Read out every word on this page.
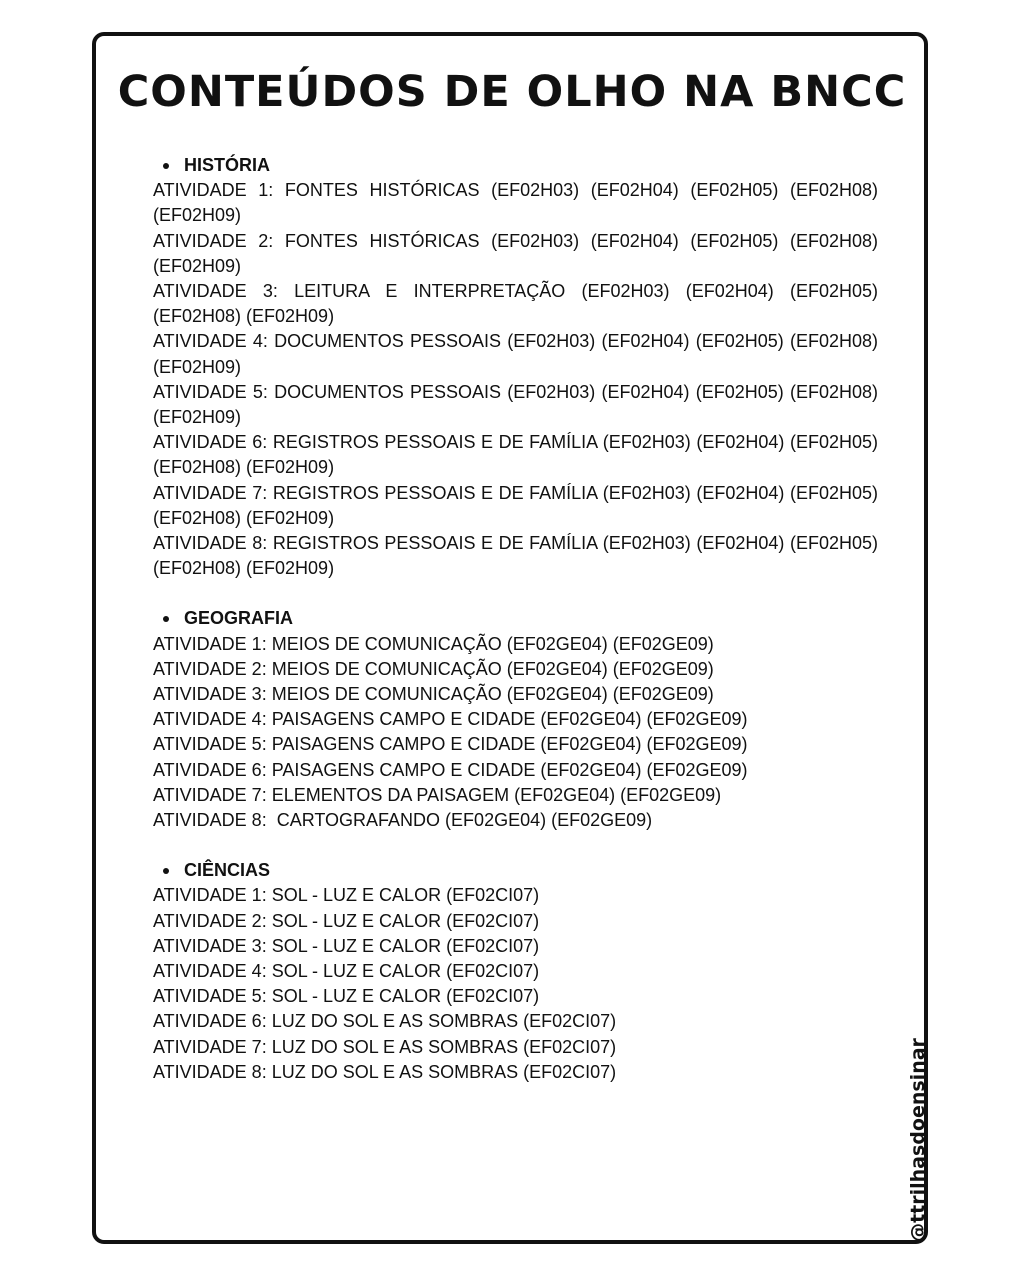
CONTEÚDOS DE OLHO NA BNCC
HISTÓRIA

ATIVIDADE 1: FONTES HISTÓRICAS (EF02H03) (EF02H04) (EF02H05) (EF02H08) (EF02H09)

ATIVIDADE 2: FONTES HISTÓRICAS (EF02H03) (EF02H04) (EF02H05) (EF02H08) (EF02H09)

ATIVIDADE 3: LEITURA E INTERPRETAÇÃO (EF02H03) (EF02H04) (EF02H05) (EF02H08) (EF02H09)

ATIVIDADE 4: DOCUMENTOS PESSOAIS (EF02H03) (EF02H04) (EF02H05) (EF02H08) (EF02H09)

ATIVIDADE 5: DOCUMENTOS PESSOAIS (EF02H03) (EF02H04) (EF02H05) (EF02H08) (EF02H09)

ATIVIDADE 6: REGISTROS PESSOAIS E DE FAMÍLIA (EF02H03) (EF02H04) (EF02H05) (EF02H08) (EF02H09)

ATIVIDADE 7: REGISTROS PESSOAIS E DE FAMÍLIA (EF02H03) (EF02H04) (EF02H05) (EF02H08) (EF02H09)

ATIVIDADE 8: REGISTROS PESSOAIS E DE FAMÍLIA (EF02H03) (EF02H04) (EF02H05) (EF02H08) (EF02H09)

GEOGRAFIA

ATIVIDADE 1: MEIOS DE COMUNICAÇÃO (EF02GE04) (EF02GE09)

ATIVIDADE 2: MEIOS DE COMUNICAÇÃO (EF02GE04) (EF02GE09)

ATIVIDADE 3: MEIOS DE COMUNICAÇÃO (EF02GE04) (EF02GE09)

ATIVIDADE 4: PAISAGENS CAMPO E CIDADE (EF02GE04) (EF02GE09)

ATIVIDADE 5: PAISAGENS CAMPO E CIDADE (EF02GE04) (EF02GE09)

ATIVIDADE 6: PAISAGENS CAMPO E CIDADE (EF02GE04) (EF02GE09)

ATIVIDADE 7: ELEMENTOS DA PAISAGEM (EF02GE04) (EF02GE09)

ATIVIDADE 8:  CARTOGRAFANDO (EF02GE04) (EF02GE09)

CIÊNCIAS

ATIVIDADE 1: SOL - LUZ E CALOR (EF02CI07)

ATIVIDADE 2: SOL - LUZ E CALOR (EF02CI07)

ATIVIDADE 3: SOL - LUZ E CALOR (EF02CI07)

ATIVIDADE 4: SOL - LUZ E CALOR (EF02CI07)

ATIVIDADE 5: SOL - LUZ E CALOR (EF02CI07)

ATIVIDADE 6: LUZ DO SOL E AS SOMBRAS (EF02CI07)

ATIVIDADE 7: LUZ DO SOL E AS SOMBRAS (EF02CI07)

ATIVIDADE 8: LUZ DO SOL E AS SOMBRAS (EF02CI07)	@ttrilhasdoensinar
